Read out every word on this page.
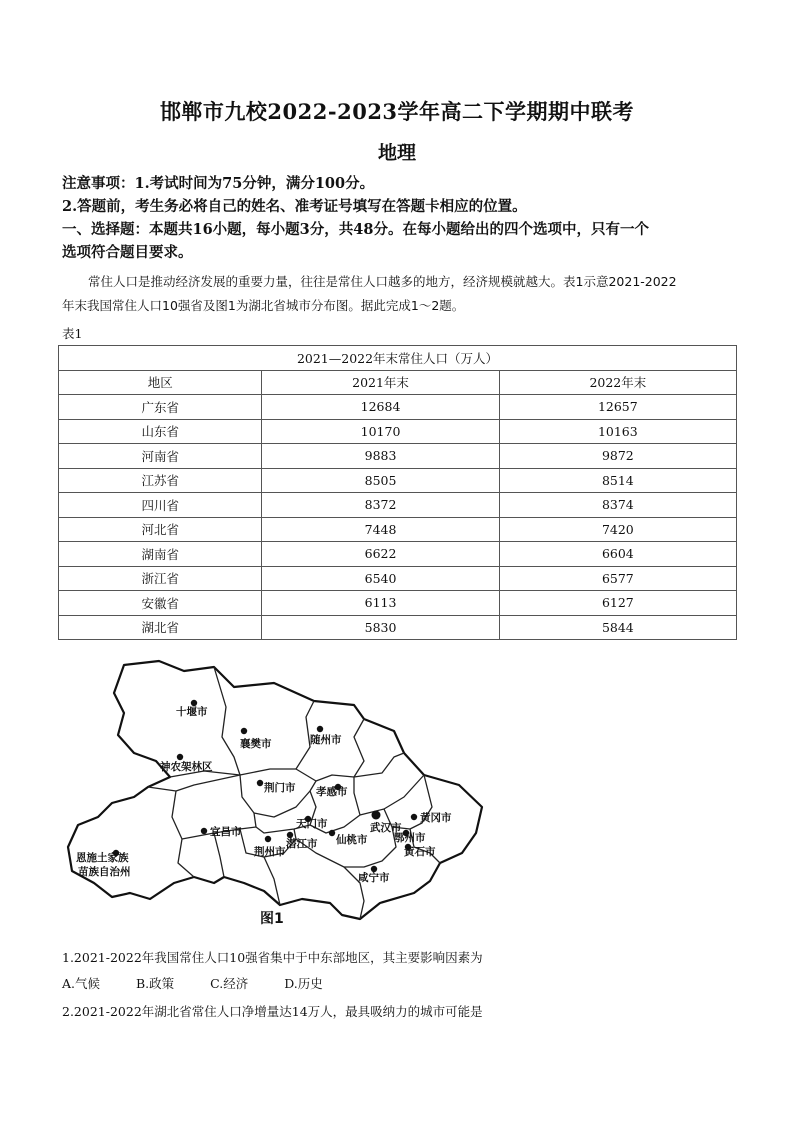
邯郸市九校2022-2023学年高二下学期期中联考
地理

注意事项：1.考试时间为75分钟，满分100分。

2.答题前，考生务必将自己的姓名、准考证号填写在答题卡相应的位置。

一、选择题：本题共16小题，每小题3分，共48分。在每小题给出的四个选项中，只有一个

选项符合题目要求。

常住人口是推动经济发展的重要力量，往往是常住人口越多的地方，经济规模就越大。表1示意2021-2022

年末我国常住人口10强省及图1为湖北省城市分布图。据此完成1～2题。
表1
2021—2022年末常住人口（万人）		
地区	2021年末	2022年末
广东省	12684	12657
山东省	10170	10163
河南省	9883	9872
江苏省	8505	8514
四川省	8372	8374
河北省	7448	7420
湖南省	6622	6604
浙江省	6540	6577
安徽省	6113	6127
湖北省	5830	5844
十堰市
襄樊市	随州市
神农架林区
荆门市 孝感市
宜昌市	武汉市
黄冈市
天门市
鄂州市
恩施土家族
苗族自治州
荆州市
潜江市 仙桃市
黄石市
咸宁市
图1
1.2021-2022年我国常住人口10强省集中于中东部地区，其主要影响因素为
A.气候	B.政策	C.经济	D.历史
2.2021-2022年湖北省常住人口净增量达14万人，最具吸纳力的城市可能是
